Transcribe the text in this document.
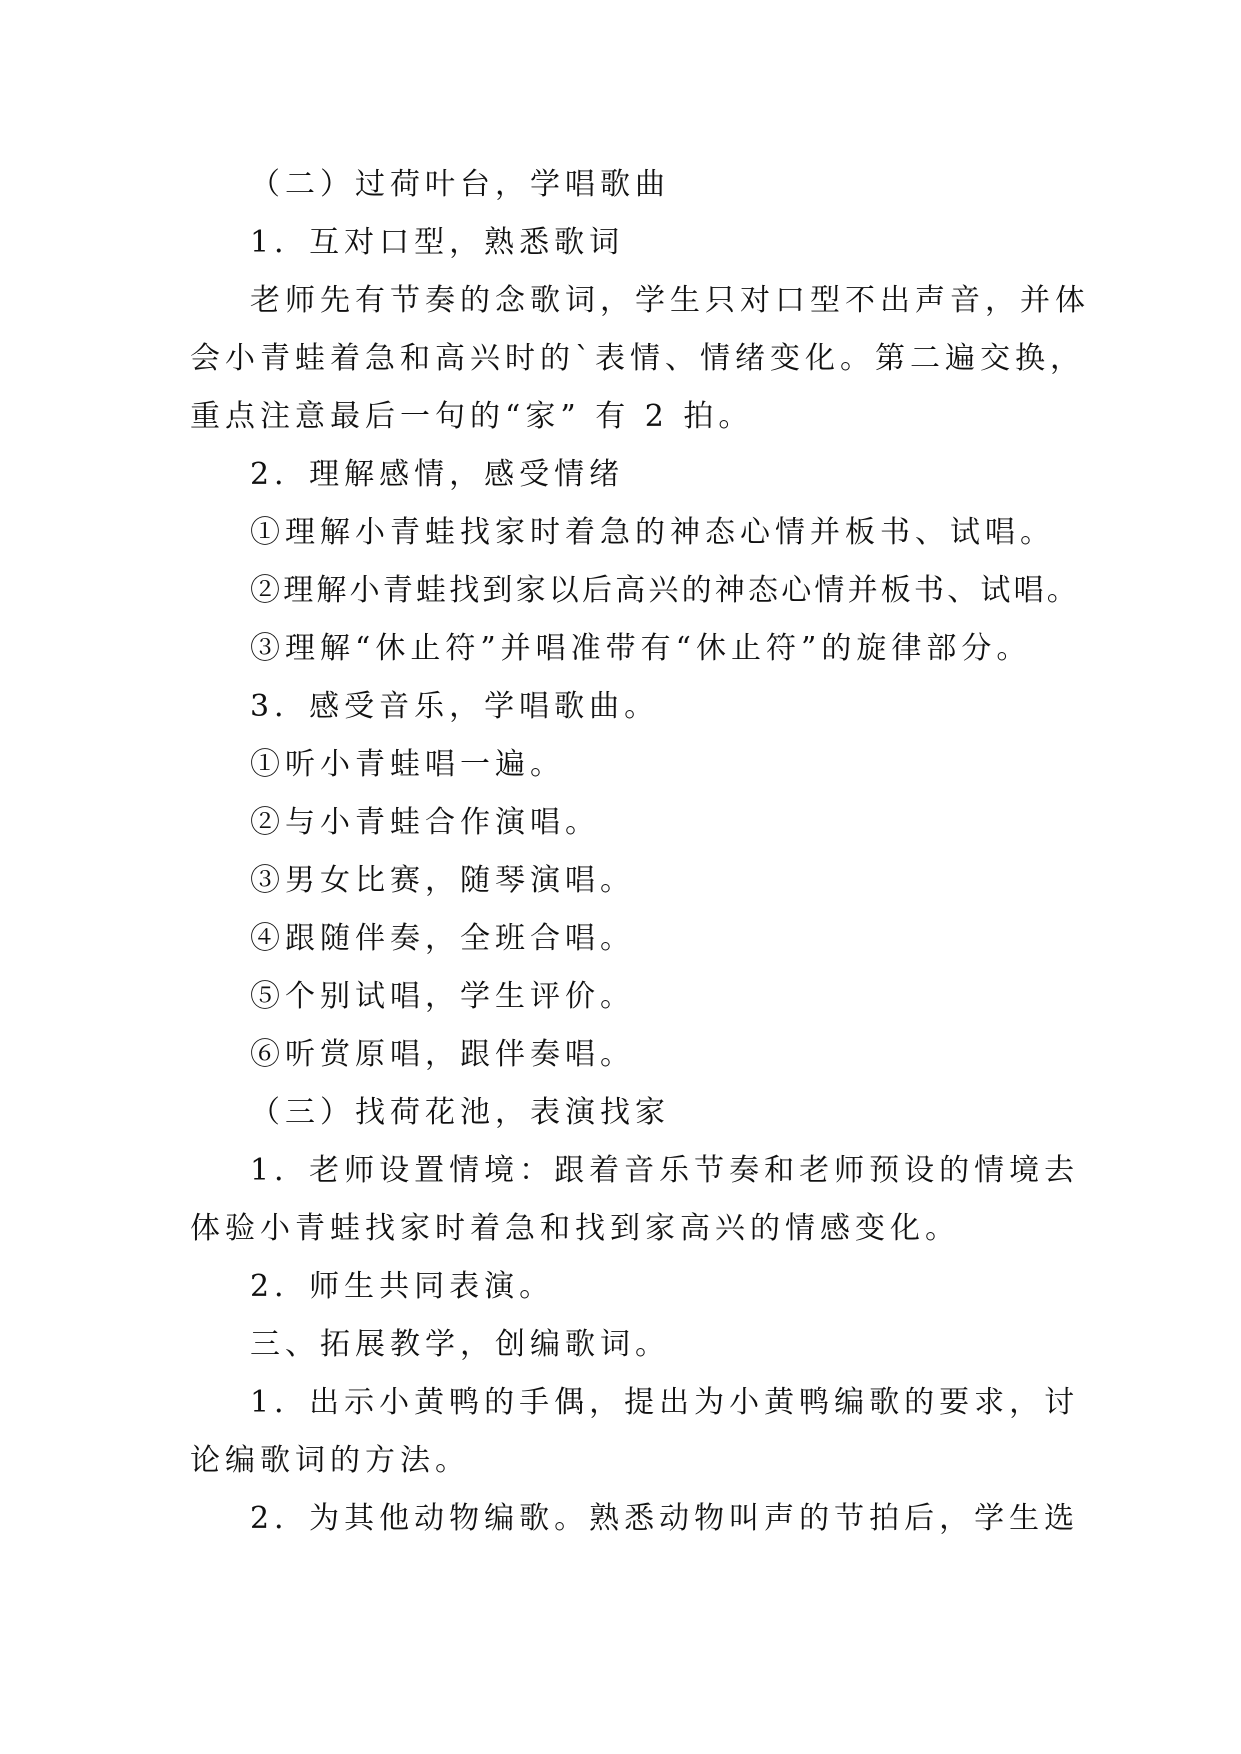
（二）过荷叶台，学唱歌曲

1．互对口型，熟悉歌词

老师先有节奏的念歌词，学生只对口型不出声音，并体

会小青蛙着急和高兴时的`表情、情绪变化。第二遍交换，

重点注意最后一句的“家” 有 2 拍。

2．理解感情，感受情绪

①理解小青蛙找家时着急的神态心情并板书、试唱。

②理解小青蛙找到家以后高兴的神态心情并板书、试唱。

③理解“休止符”并唱准带有“休止符”的旋律部分。

3．感受音乐，学唱歌曲。

①听小青蛙唱一遍。

②与小青蛙合作演唱。

③男女比赛，随琴演唱。

④跟随伴奏，全班合唱。

⑤个别试唱，学生评价。

⑥听赏原唱，跟伴奏唱。

（三）找荷花池，表演找家

1．老师设置情境：跟着音乐节奏和老师预设的情境去

体验小青蛙找家时着急和找到家高兴的情感变化。

2．师生共同表演。

三、拓展教学，创编歌词。

1．出示小黄鸭的手偶，提出为小黄鸭编歌的要求，讨

论编歌词的方法。

2．为其他动物编歌。熟悉动物叫声的节拍后，学生选
